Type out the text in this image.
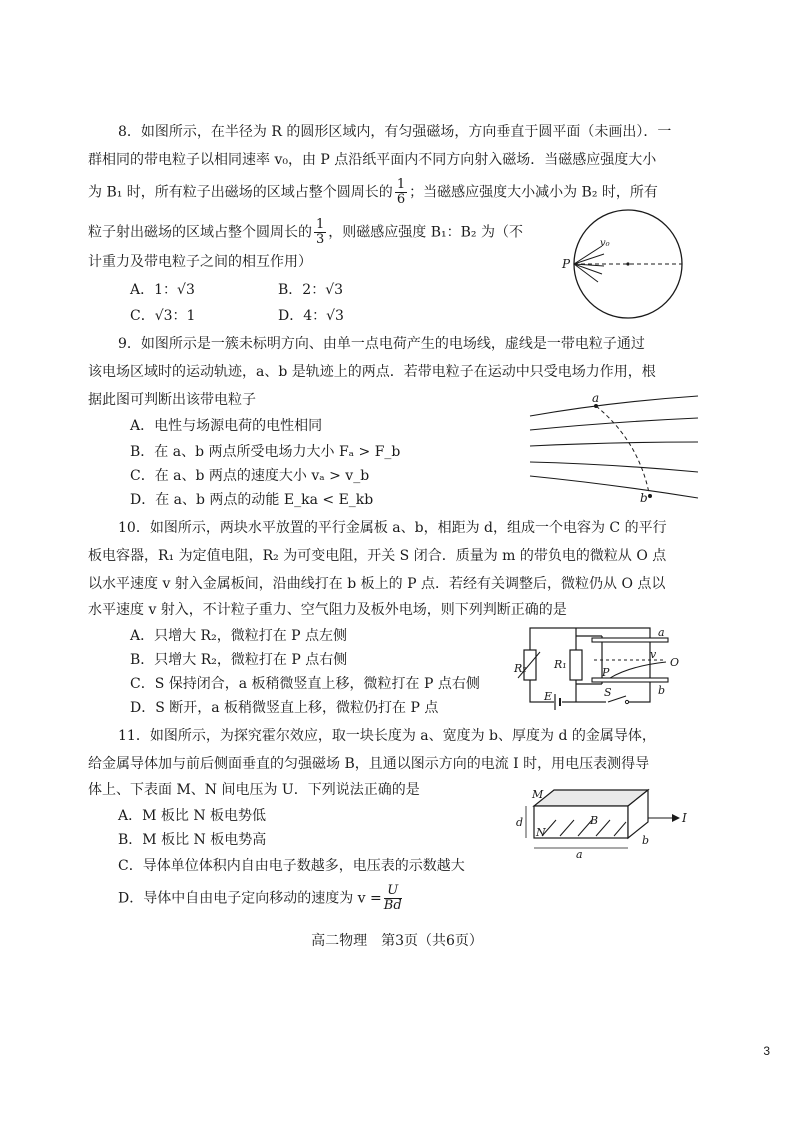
8．如图所示，在半径为 R 的圆形区域内，有匀强磁场，方向垂直于圆平面（未画出）．一
群相同的带电粒子以相同速率 v₀，由 P 点沿纸平面内不同方向射入磁场．当磁感应强度大小
为 B₁ 时，所有粒子出磁场的区域占整个圆周长的 $\frac{1}{6}$ ；当磁感应强度大小减小为 B₂ 时，所有
粒子射出磁场的区域占整个圆周长的 $\frac{1}{3}$ ，则磁感应强度 B₁：B₂ 为（不
计重力及带电粒子之间的相互作用）
A．1：√3	B．2：√3
C．√3：1	D．4：√3
P
v₀
9．如图所示是一簇未标明方向、由单一点电荷产生的电场线，虚线是一带电粒子通过
该电场区域时的运动轨迹，a、b 是轨迹上的两点．若带电粒子在运动中只受电场力作用，根
据此图可判断出该带电粒子
A．电性与场源电荷的电性相同
B．在 a、b 两点所受电场力大小 Fₐ > F_b
C．在 a、b 两点的速度大小 vₐ > v_b
D．在 a、b 两点的动能 E_ka < E_kb
a
b
10．如图所示，两块水平放置的平行金属板 a、b，相距为 d，组成一个电容为 C 的平行
板电容器，R₁ 为定值电阻，R₂ 为可变电阻，开关 S 闭合．质量为 m 的带负电的微粒从 O 点
以水平速度 v 射入金属板间，沿曲线打在 b 板上的 P 点．若经有关调整后，微粒仍从 O 点以
水平速度 v 射入，不计粒子重力、空气阻力及板外电场，则下列判断正确的是
A．只增大 R₂，微粒打在 P 点左侧
B．只增大 R₂，微粒打在 P 点右侧
C．S 保持闭合，a 板稍微竖直上移，微粒打在 P 点右侧
D．S 断开，a 板稍微竖直上移，微粒仍打在 P 点
R₂ R₁
a
b
P
v
O
E	S
11．如图所示，为探究霍尔效应，取一块长度为 a、宽度为 b、厚度为 d 的金属导体，
给金属导体加与前后侧面垂直的匀强磁场 B，且通以图示方向的电流 I 时，用电压表测得导
体上、下表面 M、N 间电压为 U．下列说法正确的是
A．M 板比 N 板电势低
B．M 板比 N 板电势高
C．导体单位体积内自由电子数越多，电压表的示数越大
D．导体中自由电子定向移动的速度为 $v = \frac{U}{Bd}$
M
N
B
d
a
b
I
高二物理　第3页（共6页）
3
